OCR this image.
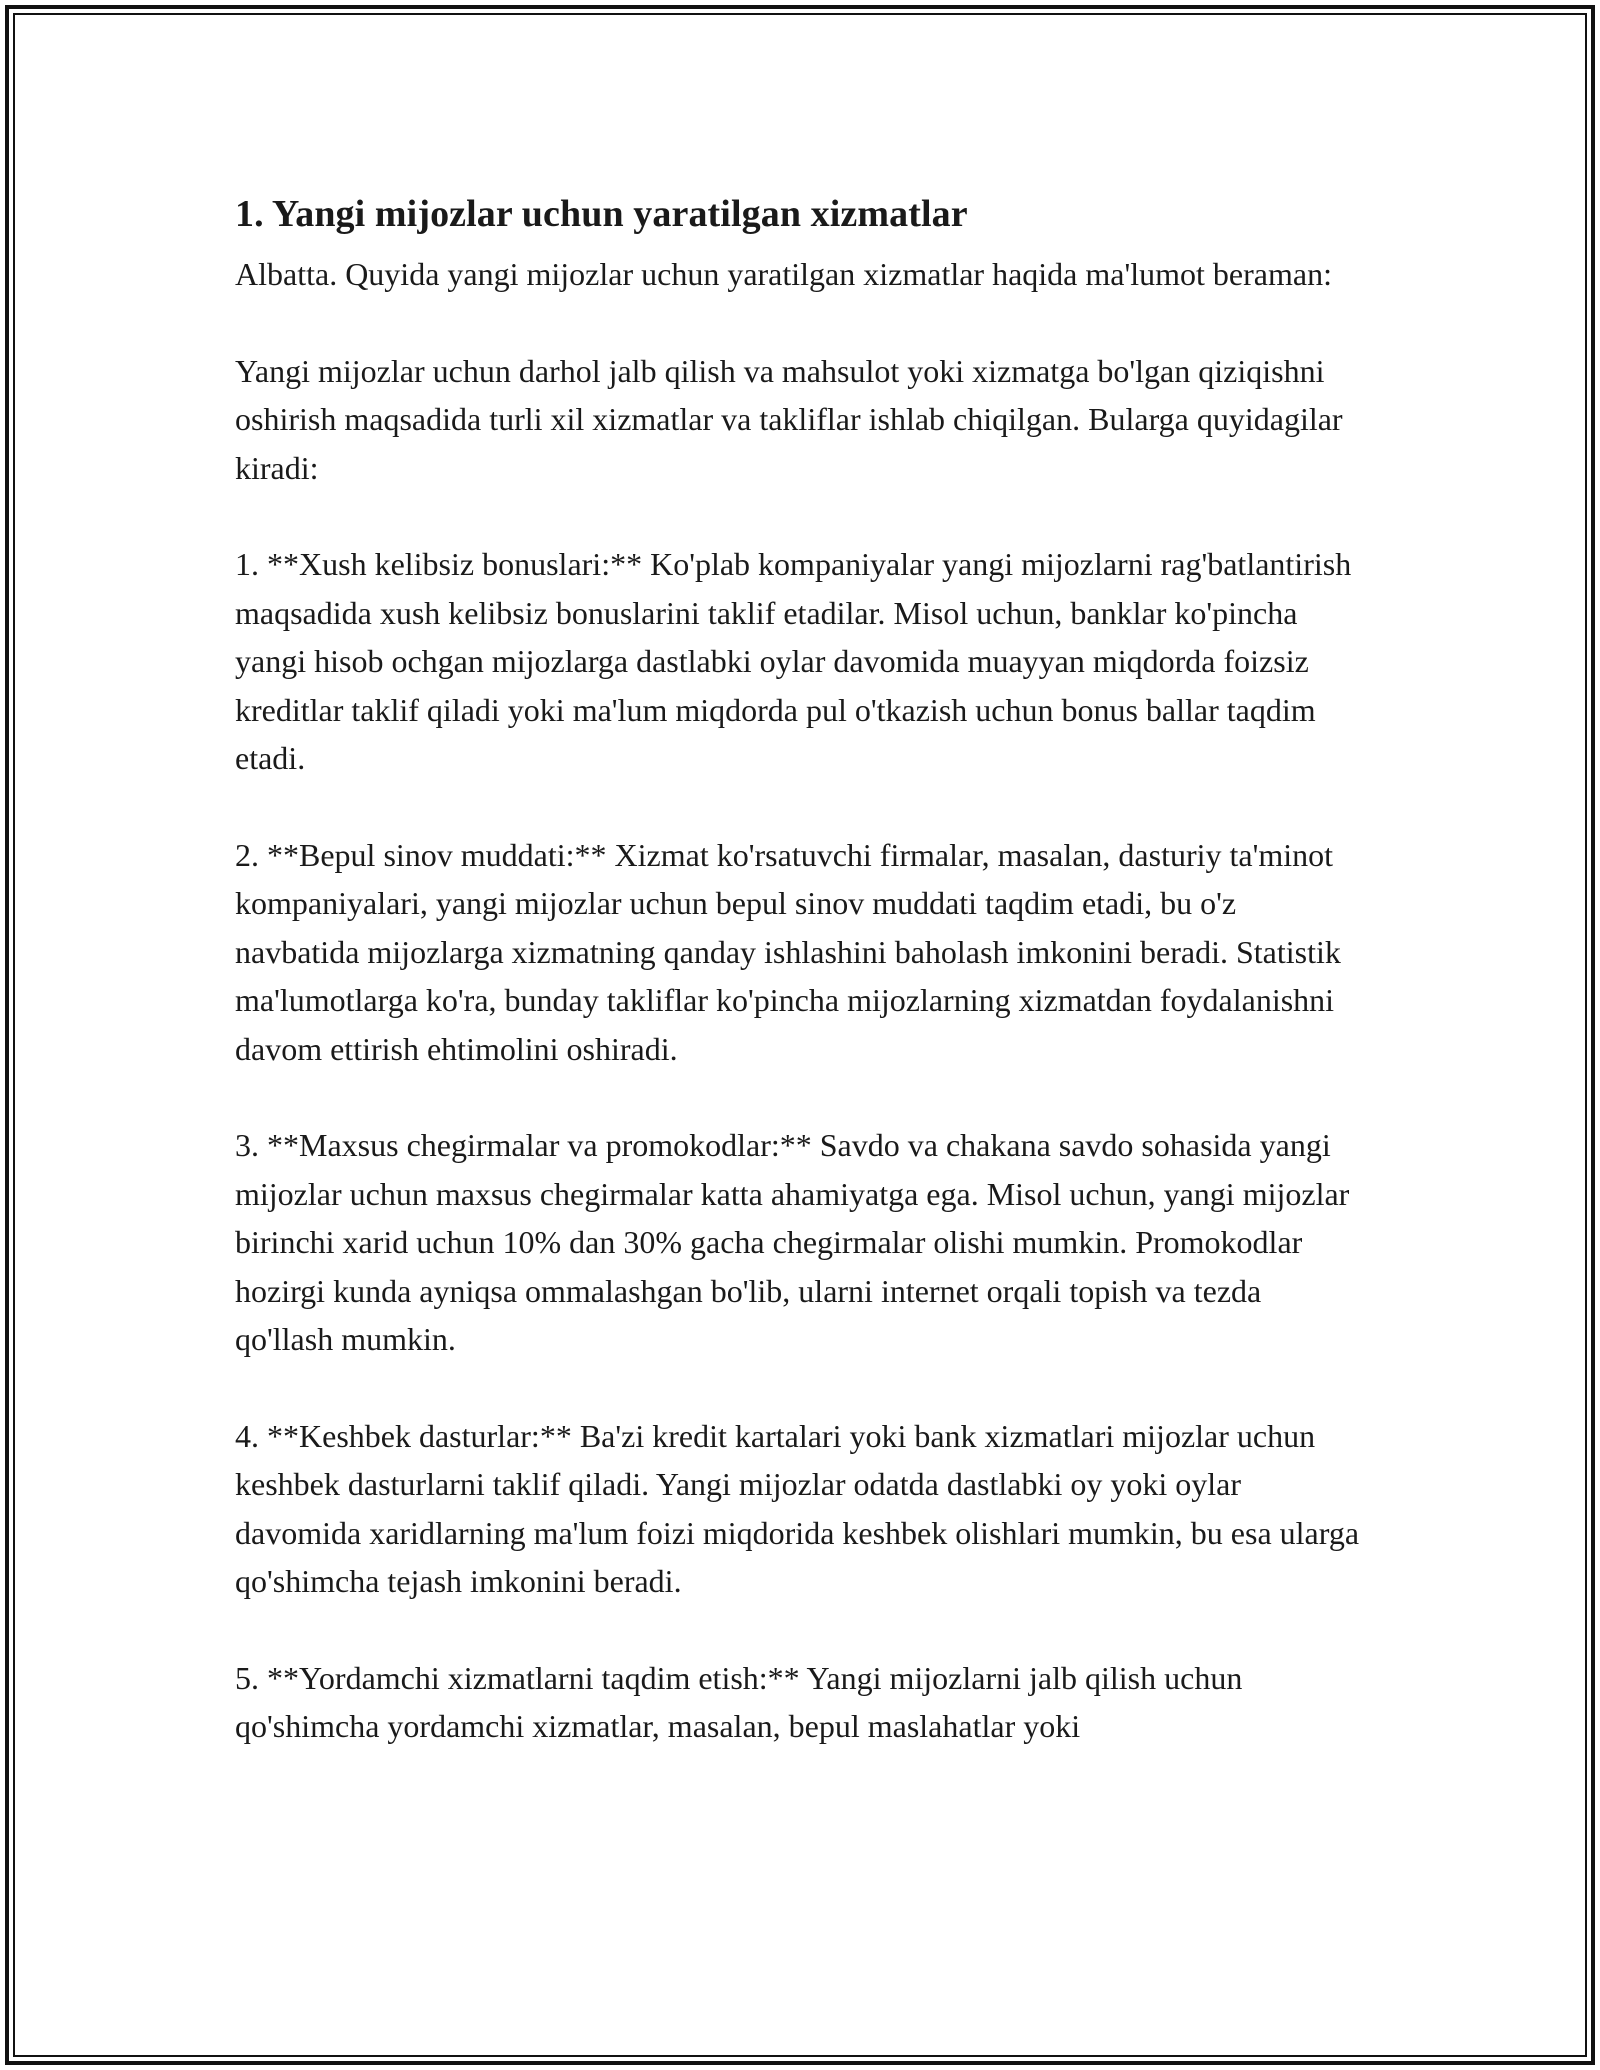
1. Yangi mijozlar uchun yaratilgan xizmatlar

Albatta. Quyida yangi mijozlar uchun yaratilgan xizmatlar haqida ma'lumot beraman:

Yangi mijozlar uchun darhol jalb qilish va mahsulot yoki xizmatga bo'lgan qiziqishni oshirish maqsadida turli xil xizmatlar va takliflar ishlab chiqilgan. Bularga quyidagilar kiradi:

1. **Xush kelibsiz bonuslari:** Ko'plab kompaniyalar yangi mijozlarni rag'batlantirish maqsadida xush kelibsiz bonuslarini taklif etadilar. Misol uchun, banklar ko'pincha yangi hisob ochgan mijozlarga dastlabki oylar davomida muayyan miqdorda foizsiz kreditlar taklif qiladi yoki ma'lum miqdorda pul o'tkazish uchun bonus ballar taqdim etadi.

2. **Bepul sinov muddati:** Xizmat ko'rsatuvchi firmalar, masalan, dasturiy ta'minot kompaniyalari, yangi mijozlar uchun bepul sinov muddati taqdim etadi, bu o'z navbatida mijozlarga xizmatning qanday ishlashini baholash imkonini beradi. Statistik ma'lumotlarga ko'ra, bunday takliflar ko'pincha mijozlarning xizmatdan foydalanishni davom ettirish ehtimolini oshiradi.

3. **Maxsus chegirmalar va promokodlar:** Savdo va chakana savdo sohasida yangi mijozlar uchun maxsus chegirmalar katta ahamiyatga ega. Misol uchun, yangi mijozlar birinchi xarid uchun 10% dan 30% gacha chegirmalar olishi mumkin. Promokodlar hozirgi kunda ayniqsa ommalashgan bo'lib, ularni internet orqali topish va tezda qo'llash mumkin.

4. **Keshbek dasturlar:** Ba'zi kredit kartalari yoki bank xizmatlari mijozlar uchun keshbek dasturlarni taklif qiladi. Yangi mijozlar odatda dastlabki oy yoki oylar davomida xaridlarning ma'lum foizi miqdorida keshbek olishlari mumkin, bu esa ularga qo'shimcha tejash imkonini beradi.

5. **Yordamchi xizmatlarni taqdim etish:** Yangi mijozlarni jalb qilish uchun qo'shimcha yordamchi xizmatlar, masalan, bepul maslahatlar yoki
